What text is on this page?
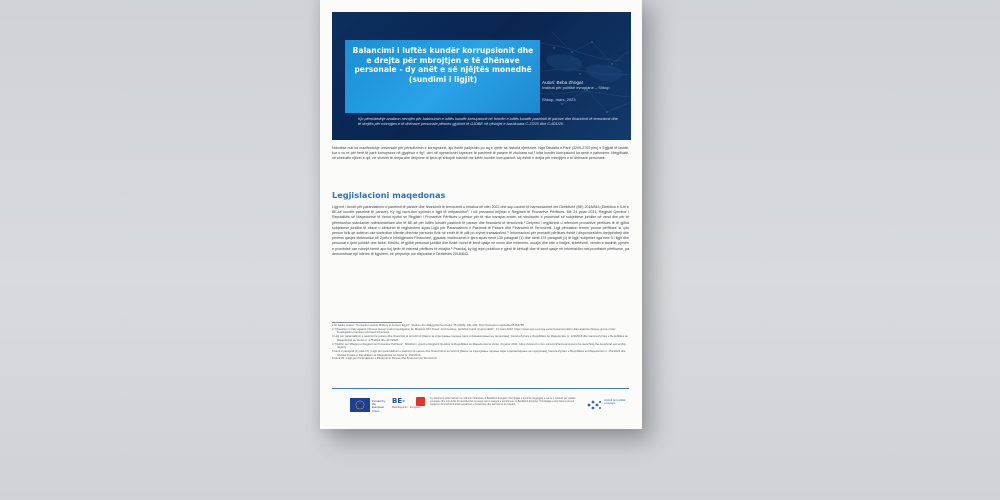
Balancimi i luftës kundër korrupsionit dhe e drejta për mbrojtjen e të dhënave personale - dy anët e së njëjtës monedhë (sundimi i ligjit)	Autori: Beba Zhogar
Instituti për politikë evropiane – Shkup
Shkup, mars, 2023
Kjo përmbledhje analizon nevojën për balancimin e luftës kundër korrupsionit në formën e luftës kundër pastrimit të parave dhe financimit të terrorizmit dhe të drejtës për mbrojtjen e të dhënave personale përmes gjykimit të GJDBE në çështjet e bashkuara C-37/20 dhe C-601/20.
Ndonëse nuk ka manifestohje universale për përkufizimin e korrupsionit, ajo është padyshim po aq e vjetër sa historia njerëzore. Nga Dinastia e Parë (3200-2700 pes) e Egjiptit të lashtë, kur u vu re për herë të parë korrupsioni në gjyqësor e fig¹, deri në operacionet kryesore të pastrimit të parave të zbuluara sot,² lufta kundër korrupsionit ka qenë e pafundme. Megjithatë, në shekullin njëzet e një, ne shohim të drejta dhe detyrime të tjera që shkojnë bashkë me luftën kundër korrupsionit, siç është e drejta për mbrojtjen e të dhënave personale.
Legjislacioni maqedonas
Ligji më i fundit për parandalimin e pastrimit të parave dhe financimit të terrorizmit u miratua në vitin 2022 dhe sup-ozohet të harmonizohet me Direktivën (BE) 2018/843 (Direktiva e 5-të e BE-së kundër pastrimit të parave). Ky ligj vazh-don synimin e ligjit të mëparshëm³, i cili prezantoi krijimin e Regjistrit të Pronarëve Përfitues. Më 24 janar 2021, Regjistri Qendror i Republikës së Maqedonisë të Veriut njoftoi se Regjistri i Pronarëve Përfitues u përdor për të ritur transpar-encën në strukturën e pronësisë së subjekteve juridike në vend dhe për të përmbushur standardet ndërkombëtare dhe të BE-së për luftën kundër pastrimit të parave dhe financimit të terrorizmit.⁴ Detyrimi i regjistrimit u referohet pronarëve përfitues të të gjitha subjekteve juridike të cilave u kërkohet të regjistrohen sipas Ligjit për Parandalimin e Pastrimit të Parave dhe Financimit të Terrorizmit. Ligji përcakton termin 'pronar përfitues' si 'çdo person fizik që zotëron ose kontrollon klientin dhe/ose personin fizik në emër të të cilit po kryhet transaksioni'.⁵ Informacioni për pronarët përfitues është i disponueshëm drejtpërdrejt dhe përmes qasjes elektronike në Zyrën e Inteligjencës Financiare, gjykatat, institucionet e tjera sipas nenit 130 paragrafi (1) dhe nenit 131 paragrafi (1) të ligjit, subjektet nga neni 5 i ligjit dhe personat e tjerë juridikë dhe fizikë. Kështu, të gjithë personat juridikë dhe fizikë mund të kenë qasje në emrin dhe mbiemrin, muajin dhe vitin e lindjes, shtetësinë, vendin e banimit, pjesën e pronësisë ose ndonjë formë apo lloj tjetër të interesit përfitues të mbajtur.⁶ Prandaj, ky ligj lejon publikun e gjerë të kërkojë dhe të kenë qasje në informacion mbi pronësinë përfituese, pa demonstruar një interes të ligjshëm, në përputhje me dispozitat e Direktivës 2018/843.
1 El Sadiq, Hazar: "Corruption and its Bribery in Ancient Egypt", Studies Zur Altägyptischen Kultur 35 (2006): 191-106, http://www.jstor.org/stable/25152785.
2 "Operation in Italy against Chinese Group under investigation for Massive VAT Fraud: 12 Arrestime, përfshirë kuptë 'grupit publik'", 21 mars 2022, https://www.eppo.europa.eu/en/news/operation-italy-against-chinese-group-under-investigation-massive-vat-fraud-12-arrests.
3 Ligji për parandalimin e pastrimit të parave dhe financimit të terrorizmit [Закон за спречување перење пари и финансирање на тероризам], Gazeta Zyrtare e Republikës së Maqedonisë nr. 120/2018 dhe Gazeta Zyrtare e Republikës së Maqedonisë së Veriut nr. 275/2019 dhe 317/2020.
4 "Njoftim për Mbetjen e Regjistrit të Pronarëve Përfitues", Shërbimi i qytetit e Regjistrit Qendror të Republikës së Maqedonisë të Veriut, 24 janar 2021, https://www.crm.com.mk/en/mlf/announcement-for-launching-the-beneficial-ownership-registry.
5 Neni 2 paragrafi (1) pika 17) i Ligjit për parandalimin e pastrimit të parave dhe financimit të terrorizmit [Закон за спречување перење пари и финансирање на тероризам], Gazeta Zyrtare e Republikës së Maqedonisë nr. 151/2022 dhe Gazeta Zyrtare e Republikës së Maqedonisë së Veriut nr. 151/2022.
6 Neni 39 i Ligjit për Parandalimin e Pastrimit të Parave dhe Financimit të Terrorizmit.
Funded by the European Union
BE-
Bashkëpunim · Evropian
Ky dokument është hartuar me ndihmën financiare të Bashkimit Evropian. Përmbajtja e tij është përgjegjësi e vetme e Institutit për politikë evropiane dhe nuk duhet të konsiderohet në asnjë rast si pasqyrë e qëndrimeve të Bashkimit Evropian. Përmbajtja e këtij dokumenti nuk pasqyron domosdoshmërisht qëndrimet e donatorëve dhe partnerëve të projektit.
Instituti për politikë evropiane
